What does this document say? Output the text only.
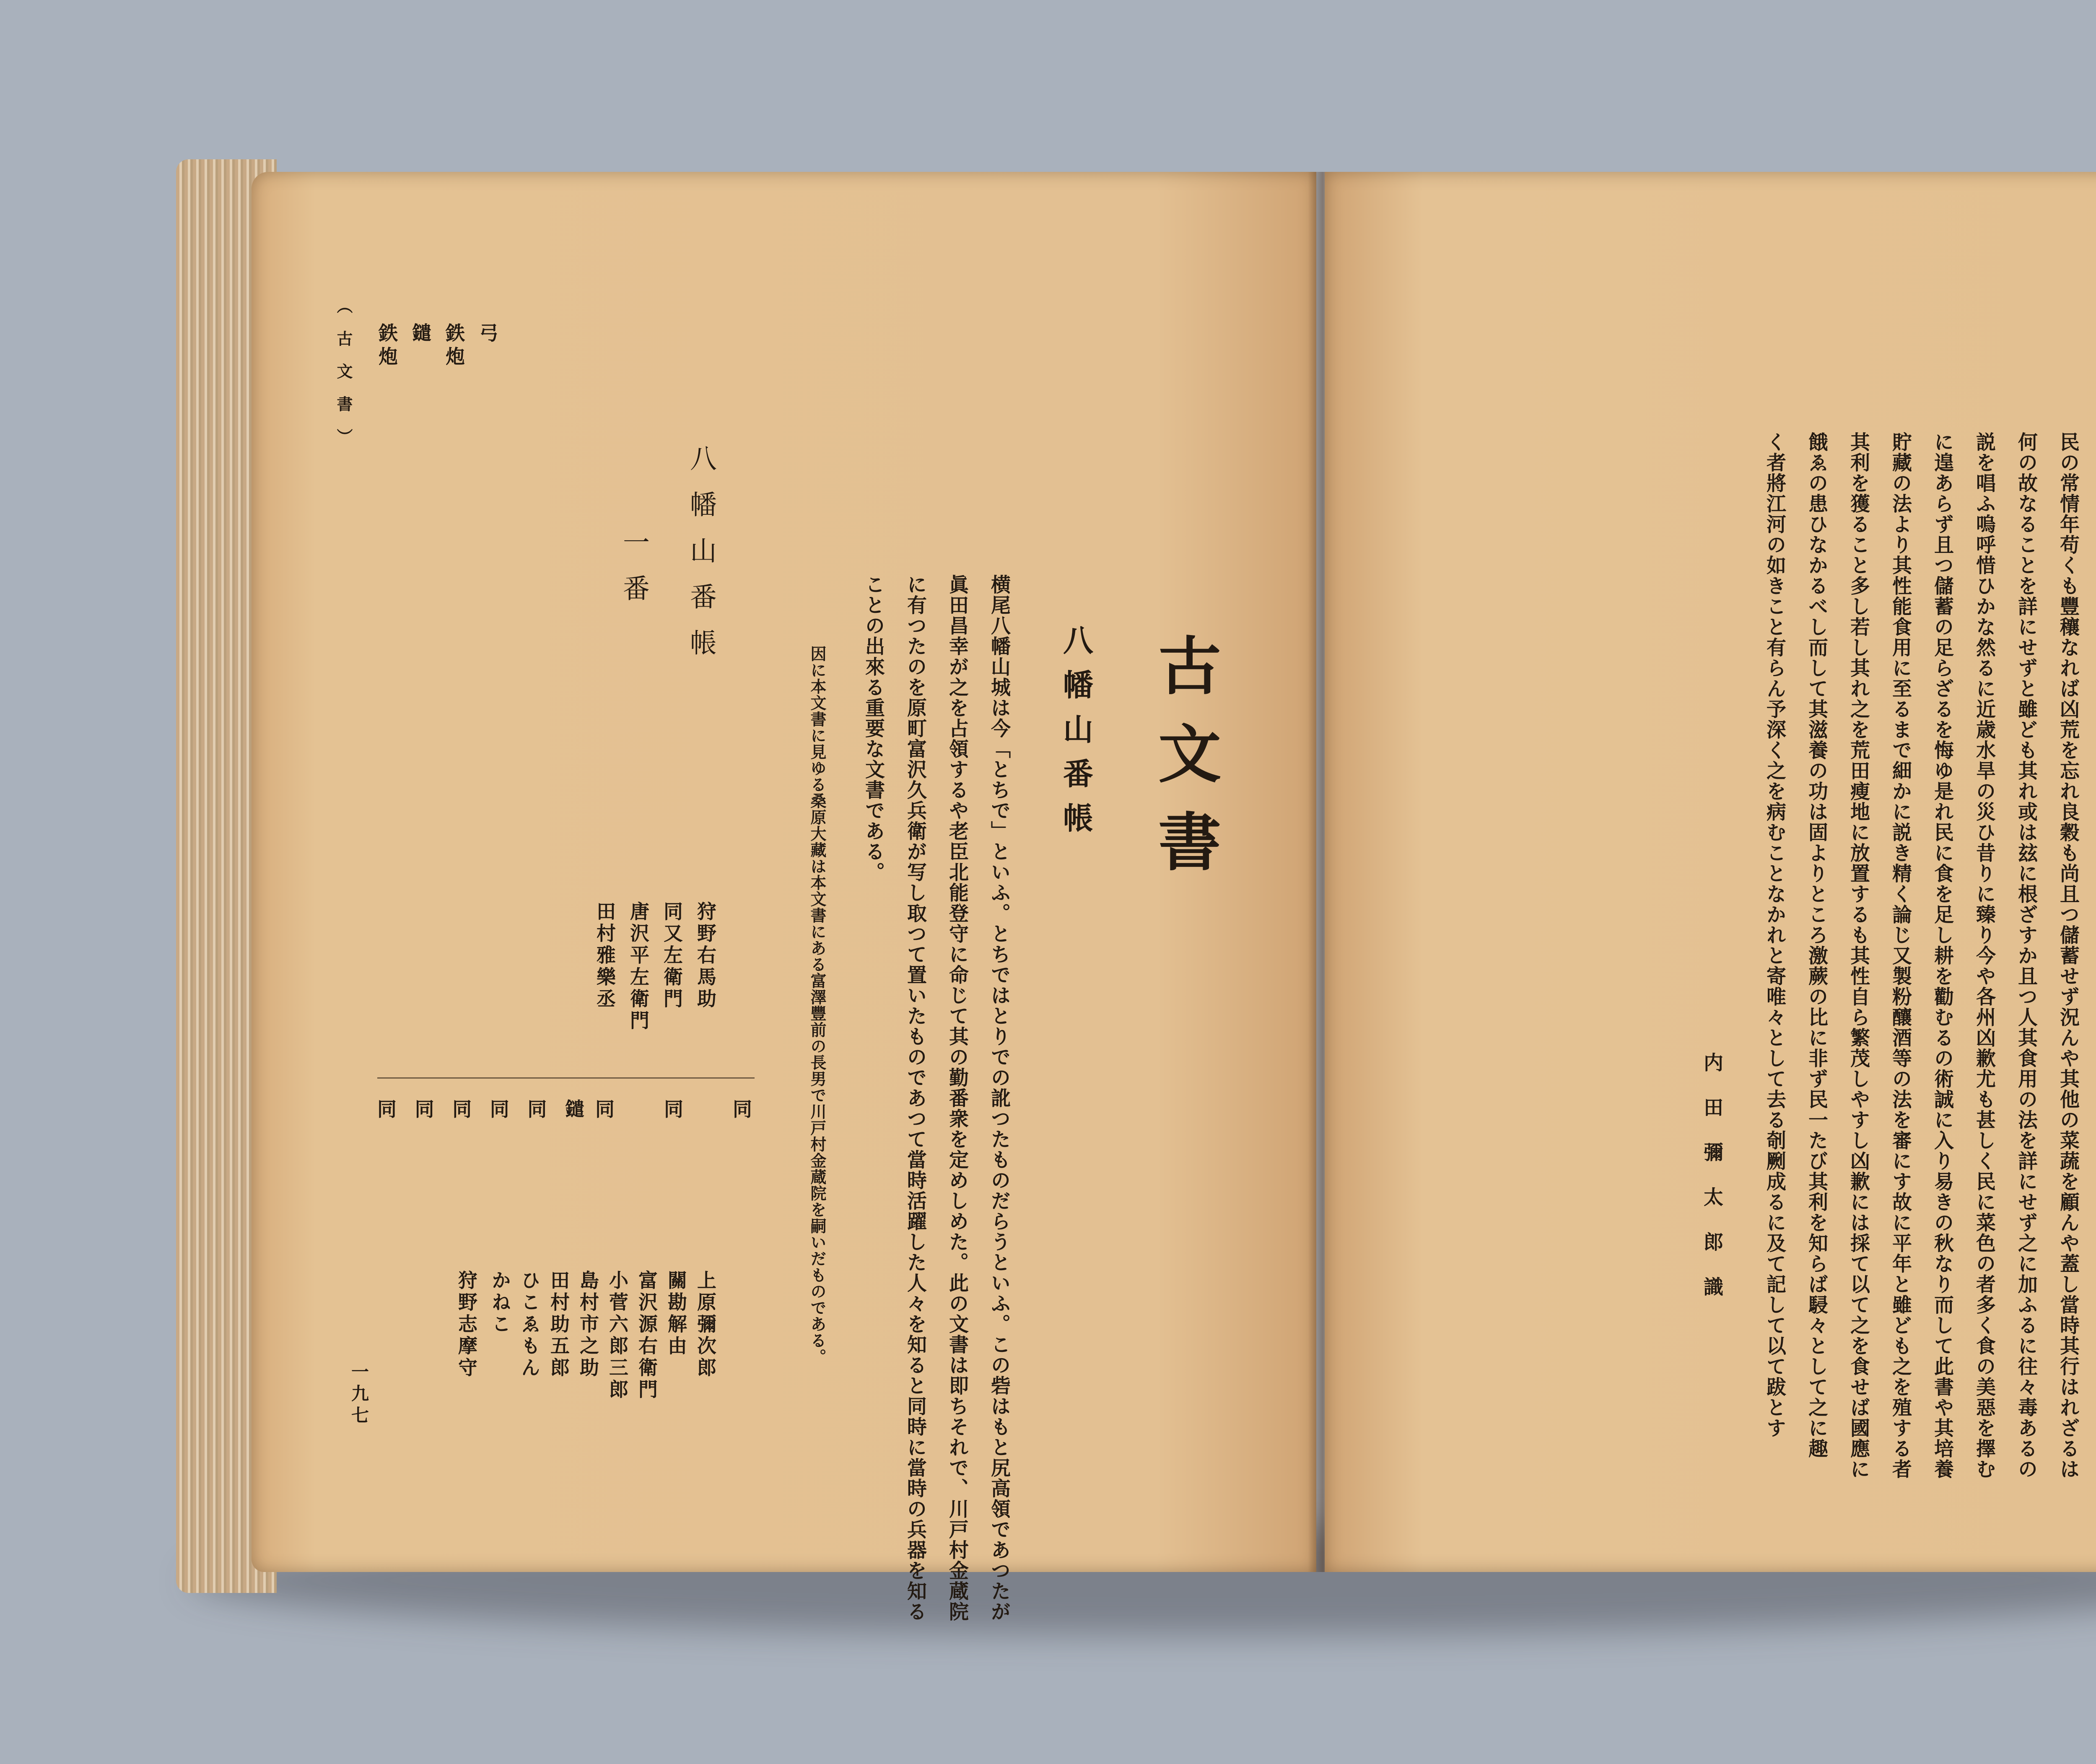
（古文書）
一九七
弓
鉄炮
鑓
鉄炮
八幡山番帳
一番
狩野右馬助
同又左衛門
唐沢平左衛門
田村雅樂丞
同
同
同
鑓
同
同
同
同
同
上原彌次郎
關勘解由
富沢源右衛門
小菅六郎三郎
島村市之助
田村助五郎
ひこゑもん
かねこ
狩野志摩守	因に本文書に見ゆる桑原大藏は本文書にある富澤豐前の長男で川戸村金蔵院を嗣いだものである。 ことの出來る重要な文書である。 に有つたのを原町富沢久兵衛が写し取つて置いたものであつて當時活躍した人々を知ると同時に當時の兵器を知る 眞田昌幸が之を占領するや老臣北能登守に命じて其の勤番衆を定めしめた。此の文書は即ちそれで、川戸村金蔵院 横尾八幡山城は今「とちで」といふ。とちではとりでの訛つたものだらうといふ。この砦はもと尻高領であつたが 八幡山番帳 古文書	民の常情年苟くも豐穰なれば凶荒を忘れ良穀も尚且つ儲蓄せず況んや其他の菜蔬を顧んや蓋し當時其行はれざるは
何の故なることを詳にせずと雖ども其れ或は玆に根ざすか且つ人其食用の法を詳にせず之に加ふるに往々毒あるの
説を唱ふ嗚呼惜ひかな然るに近歳水旱の災ひ昔りに臻り今や各州凶歉尤も甚しく民に菜色の者多く食の美惡を擇む
に遑あらず且つ儲蓄の足らざるを悔ゆ是れ民に食を足し耕を勸むるの術誠に入り易きの秋なり而して此書や其培養
貯藏の法より其性能食用に至るまで細かに説き精く論じ又製粉釀酒等の法を審にす故に平年と雖ども之を殖する者
其利を獲ること多し若し其れ之を荒田瘦地に放置するも其性自ら繁茂しやすし凶歉には採て以て之を食せば國應に
餓ゑの患ひなかるべし而して其滋養の功は固よりところ激蕨の比に非ず民一たび其利を知らば駸々として之に趣
く者將江河の如きこと有らん予深く之を病むことなかれと寄唯々として去る剞劂成るに及て記して以て跋とす
内田彌太郎識
